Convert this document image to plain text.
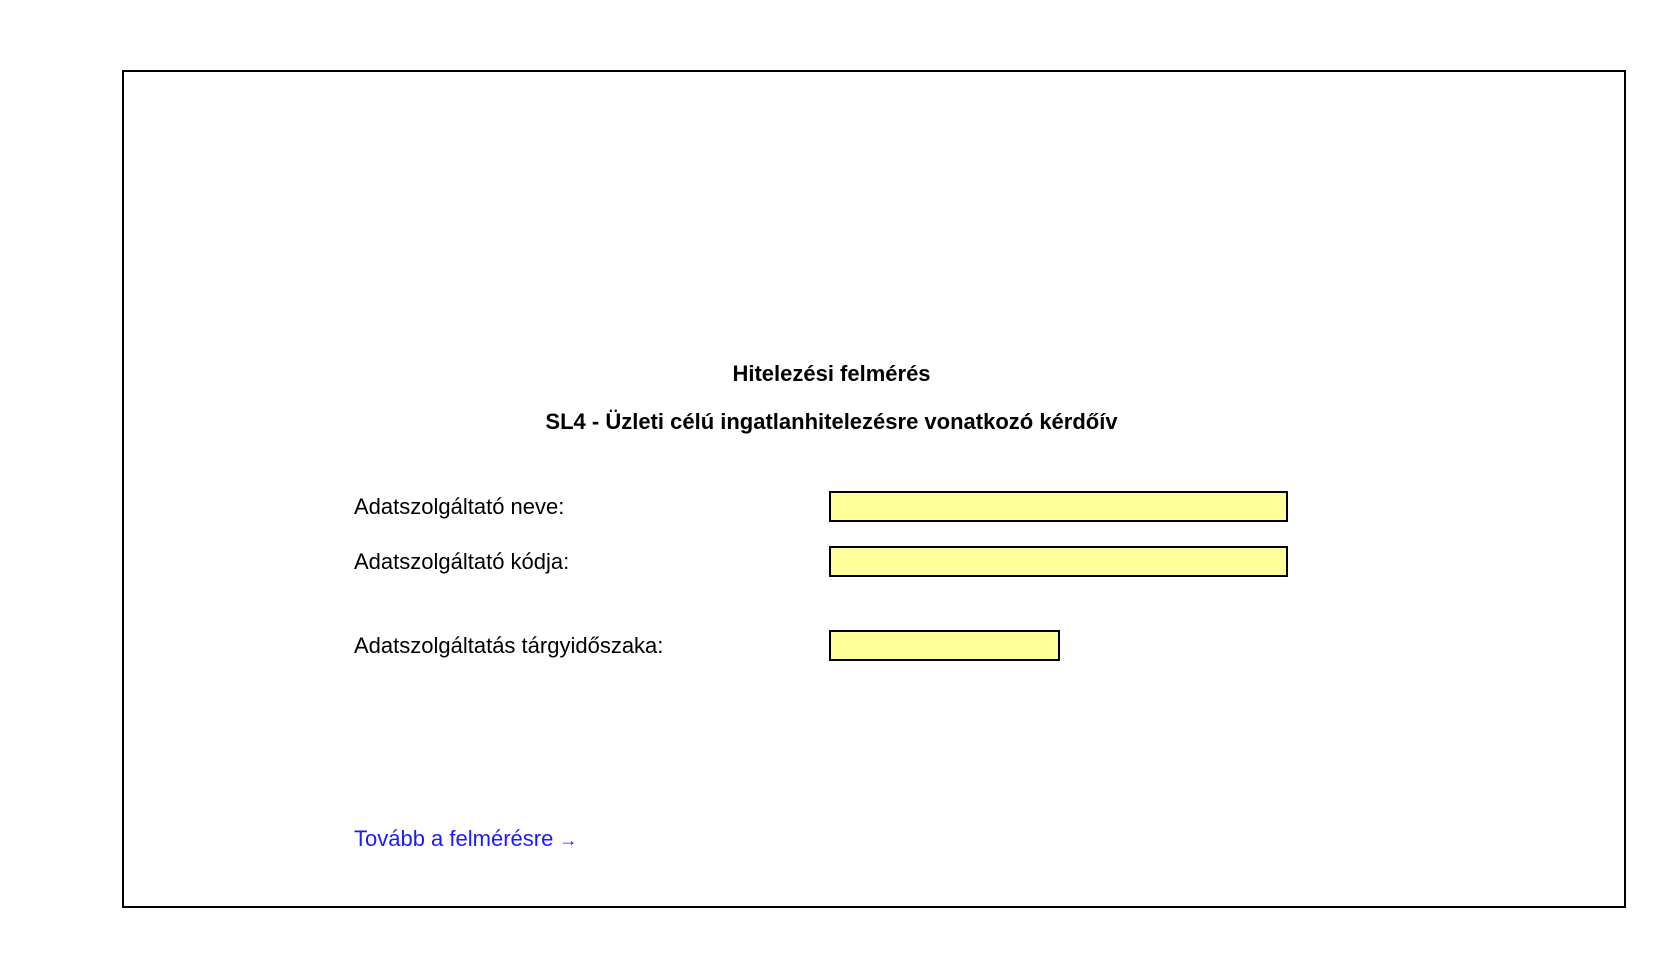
Hitelezési felmérés
SL4 - Üzleti célú ingatlanhitelezésre vonatkozó kérdőív
Adatszolgáltató neve:
Adatszolgáltató kódja:
Adatszolgáltatás tárgyidőszaka:
Tovább a felmérésre →
